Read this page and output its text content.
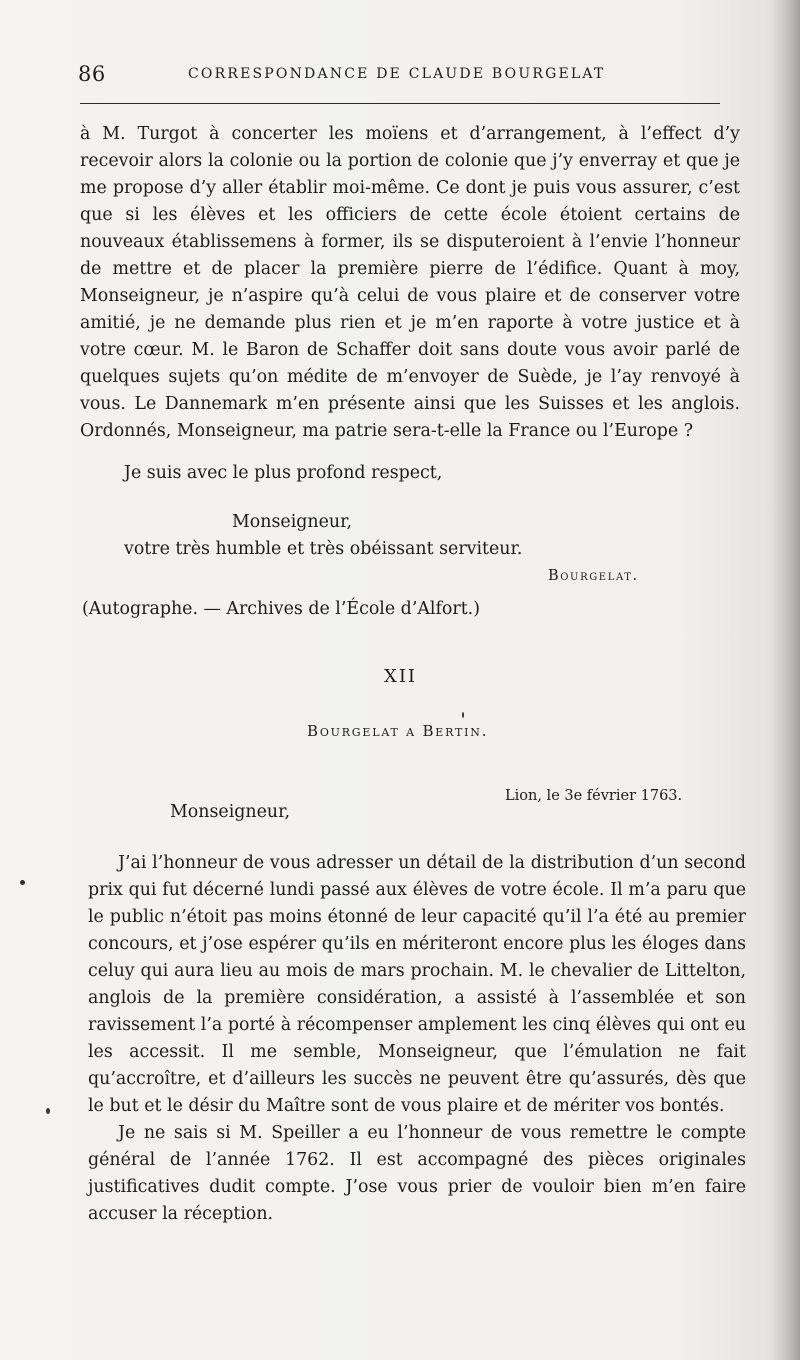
86	CORRESPONDANCE DE CLAUDE BOURGELAT

à M. Turgot à concerter les moïens et d’arrangement, à l’effect d’y recevoir alors la colonie ou la portion de colonie que j’y enverray et que je me propose d’y aller établir moi-même. Ce dont je puis vous assurer, c’est que si les élèves et les officiers de cette école étoient certains de nouveaux établissemens à former, ils se disputeroient à l’envie l’honneur de mettre et de placer la première pierre de l’édifice. Quant à moy, Monseigneur, je n’aspire qu’à celui de vous plaire et de conserver votre amitié, je ne demande plus rien et je m’en raporte à votre justice et à votre cœur. M. le Baron de Schaffer doit sans doute vous avoir parlé de quelques sujets qu’on médite de m’envoyer de Suède, je l’ay renvoyé à vous. Le Dannemark m’en présente ainsi que les Suisses et les anglois. Ordonnés, Monseigneur, ma patrie sera-t-elle la France ou l’Europe ?

Je suis avec le plus profond respect,
Monseigneur,
votre très humble et très obéissant serviteur.
Bourgelat.
(Autographe. — Archives de l’École d’Alfort.)
XII
Bourgelat a Bertin.
Lion, le 3e février 1763.
Monseigneur,

J’ai l’honneur de vous adresser un détail de la distribution d’un second prix qui fut décerné lundi passé aux élèves de votre école. Il m’a paru que le public n’étoit pas moins étonné de leur capacité qu’il l’a été au premier concours, et j’ose espérer qu’ils en mériteront encore plus les éloges dans celuy qui aura lieu au mois de mars prochain. M. le chevalier de Littelton, anglois de la première considération, a assisté à l’assemblée et son ravissement l’a porté à récompenser amplement les cinq élèves qui ont eu les accessit. Il me semble, Monseigneur, que l’émulation ne fait qu’accroître, et d’ailleurs les succès ne peuvent être qu’assurés, dès que le but et le désir du Maître sont de vous plaire et de mériter vos bontés.

Je ne sais si M. Speiller a eu l’honneur de vous remettre le compte général de l’année 1762. Il est accompagné des pièces originales justificatives dudit compte. J’ose vous prier de vouloir bien m’en faire accuser la réception.
